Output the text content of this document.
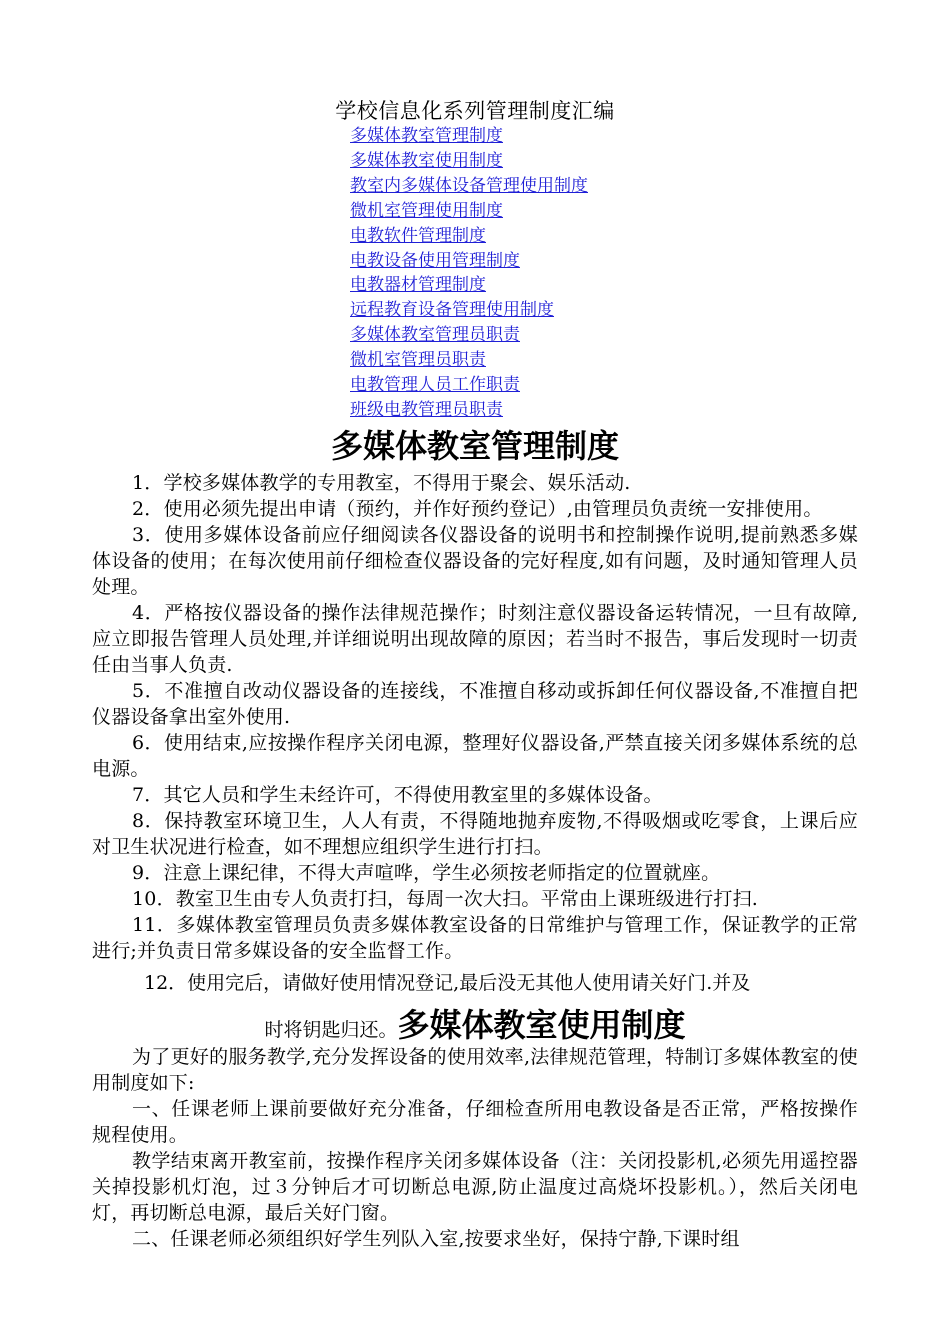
学校信息化系列管理制度汇编
多媒体教室管理制度
多媒体教室使用制度
教室内多媒体设备管理使用制度
微机室管理使用制度
电教软件管理制度
电教设备使用管理制度
电教器材管理制度
远程教育设备管理使用制度
多媒体教室管理员职责
微机室管理员职责
电教管理人员工作职责
班级电教管理员职责
多媒体教室管理制度

1．学校多媒体教学的专用教室，不得用于聚会、娱乐活动.

2．使用必须先提出申请（预约，并作好预约登记）,由管理员负责统一安排使用。

3．使用多媒体设备前应仔细阅读各仪器设备的说明书和控制操作说明,提前熟悉多媒体设备的使用；在每次使用前仔细检查仪器设备的完好程度,如有问题，及时通知管理人员处理。

4．严格按仪器设备的操作法律规范操作；时刻注意仪器设备运转情况，一旦有故障,应立即报告管理人员处理,并详细说明出现故障的原因；若当时不报告，事后发现时一切责任由当事人负责.

5．不准擅自改动仪器设备的连接线，不准擅自移动或拆卸任何仪器设备,不准擅自把仪器设备拿出室外使用.

6．使用结束,应按操作程序关闭电源，整理好仪器设备,严禁直接关闭多媒体系统的总电源。

7．其它人员和学生未经许可，不得使用教室里的多媒体设备。

8．保持教室环境卫生，人人有责，不得随地抛弃废物,不得吸烟或吃零食，上课后应对卫生状况进行检查，如不理想应组织学生进行打扫。

9．注意上课纪律，不得大声喧哗，学生必须按老师指定的位置就座。

10．教室卫生由专人负责打扫，每周一次大扫。平常由上课班级进行打扫.

11．多媒体教室管理员负责多媒体教室设备的日常维护与管理工作，保证教学的正常进行;并负责日常多媒设备的安全监督工作。

12．使用完后，请做好使用情况登记,最后没无其他人使用请关好门.并及

时将钥匙归还。多媒体教室使用制度

为了更好的服务教学,充分发挥设备的使用效率,法律规范管理，特制订多媒体教室的使用制度如下:

一、任课老师上课前要做好充分准备，仔细检查所用电教设备是否正常，严格按操作规程使用。

教学结束离开教室前，按操作程序关闭多媒体设备（注：关闭投影机,必须先用遥控器关掉投影机灯泡，过３分钟后才可切断总电源,防止温度过高烧坏投影机。），然后关闭电灯，再切断总电源，最后关好门窗。

二、任课老师必须组织好学生列队入室,按要求坐好，保持宁静,下课时组
